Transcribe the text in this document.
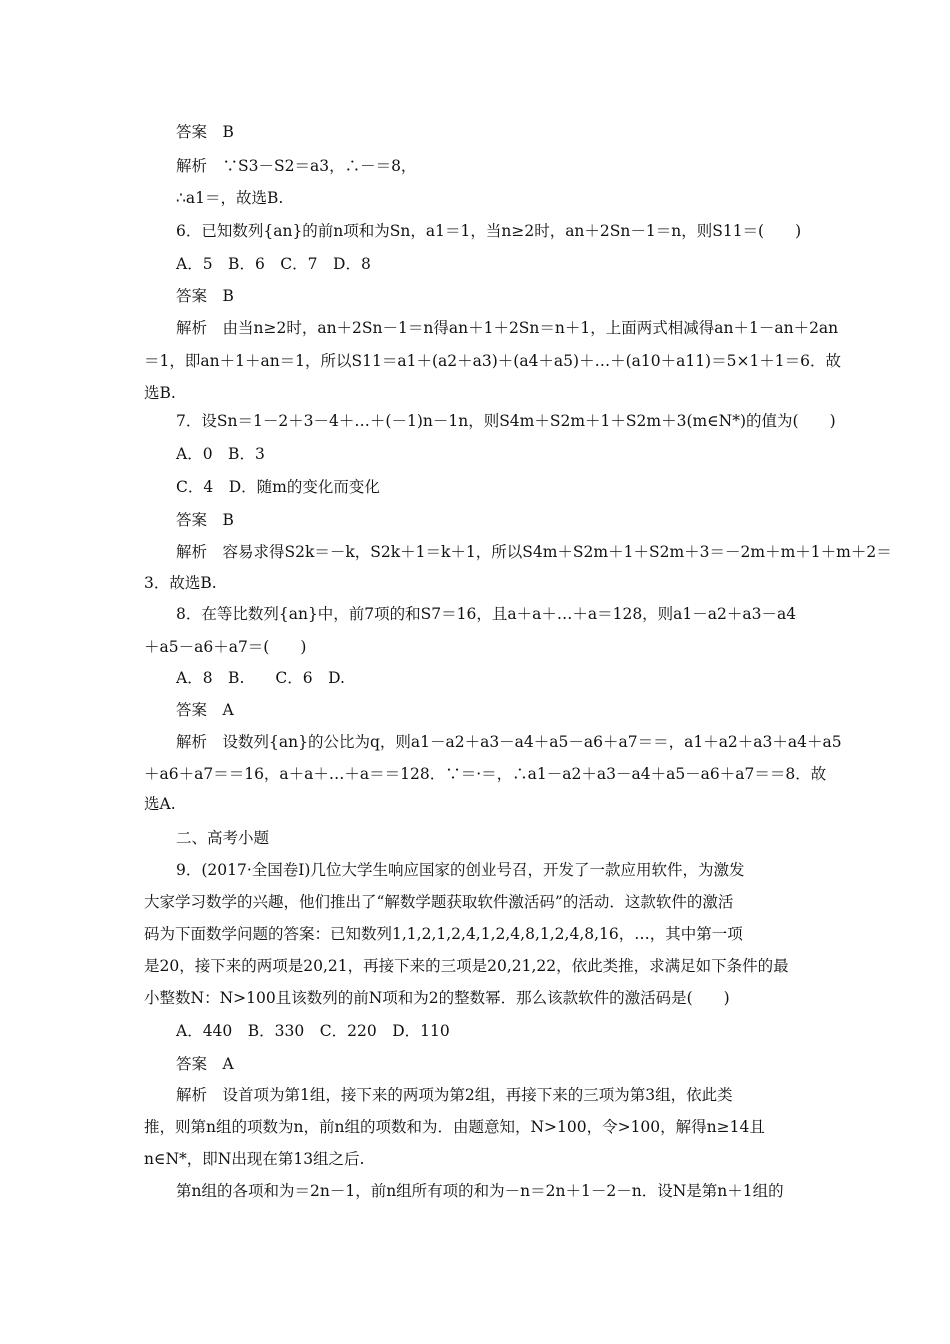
答案　B
解析　∵S3－S2＝a3，∴－＝8，
∴a1＝，故选B.
6．已知数列{an}的前n项和为Sn，a1＝1，当n≥2时，an＋2Sn－1＝n，则S11＝(　　)
A．5　B．6　C．7　D．8
答案　B
解析　由当n≥2时，an＋2Sn－1＝n得an＋1＋2Sn＝n＋1，上面两式相减得an＋1－an＋2an
＝1，即an＋1＋an＝1，所以S11＝a1＋(a2＋a3)＋(a4＋a5)＋…＋(a10＋a11)＝5×1＋1＝6．故
选B.
7．设Sn＝1－2＋3－4＋…＋(－1)n－1n，则S4m＋S2m＋1＋S2m＋3(m∈N*)的值为(　　)
A．0　B．3
C．4　D．随m的变化而变化
答案　B
解析　容易求得S2k＝－k，S2k＋1＝k＋1，所以S4m＋S2m＋1＋S2m＋3＝－2m＋m＋1＋m＋2＝
3．故选B.
8．在等比数列{an}中，前7项的和S7＝16，且a＋a＋…＋a＝128，则a1－a2＋a3－a4
＋a5－a6＋a7＝(　　)
A．8　B.　　C．6　D.
答案　A
解析　设数列{an}的公比为q，则a1－a2＋a3－a4＋a5－a6＋a7＝＝，a1＋a2＋a3＋a4＋a5
＋a6＋a7＝＝16，a＋a＋…＋a＝＝128．∵＝·＝，∴a1－a2＋a3－a4＋a5－a6＋a7＝＝8．故
选A.
二、高考小题
9．(2017·全国卷Ⅰ)几位大学生响应国家的创业号召，开发了一款应用软件，为激发
大家学习数学的兴趣，他们推出了“解数学题获取软件激活码”的活动．这款软件的激活
码为下面数学问题的答案：已知数列1,1,2,1,2,4,1,2,4,8,1,2,4,8,16，…，其中第一项
是20，接下来的两项是20,21，再接下来的三项是20,21,22，依此类推，求满足如下条件的最
小整数N：N>100且该数列的前N项和为2的整数幂．那么该款软件的激活码是(　　)
A．440　B．330　C．220　D．110
答案　A
解析　设首项为第1组，接下来的两项为第2组，再接下来的三项为第3组，依此类
推，则第n组的项数为n，前n组的项数和为．由题意知，N>100，令>100，解得n≥14且
n∈N*，即N出现在第13组之后.
第n组的各项和为＝2n－1，前n组所有项的和为－n＝2n＋1－2－n．设N是第n＋1组的
